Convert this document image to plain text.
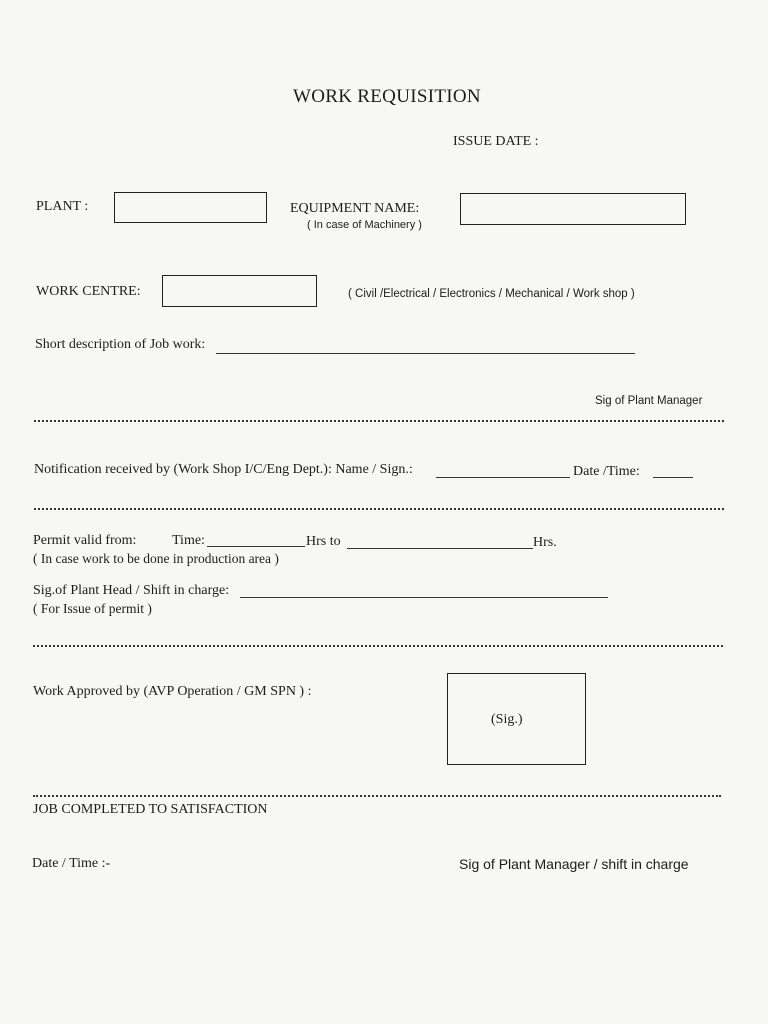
WORK REQUISITION
ISSUE DATE :
PLANT :	EQUIPMENT NAME:
( In case of Machinery )
WORK CENTRE:	( Civil /Electrical / Electronics / Mechanical / Work shop )
Short description of Job work:
Sig of Plant Manager
Notification received by (Work Shop I/C/Eng Dept.): Name / Sign.:	Date /Time:
Permit valid from:	Time:	Hrs to	Hrs.
( In case work to be done in production area )
Sig.of Plant Head / Shift in charge:
( For Issue of permit )
Work Approved by (AVP Operation / GM SPN ) :
(Sig.)
JOB COMPLETED TO SATISFACTION
Date / Time :-	Sig of Plant Manager / shift in charge
